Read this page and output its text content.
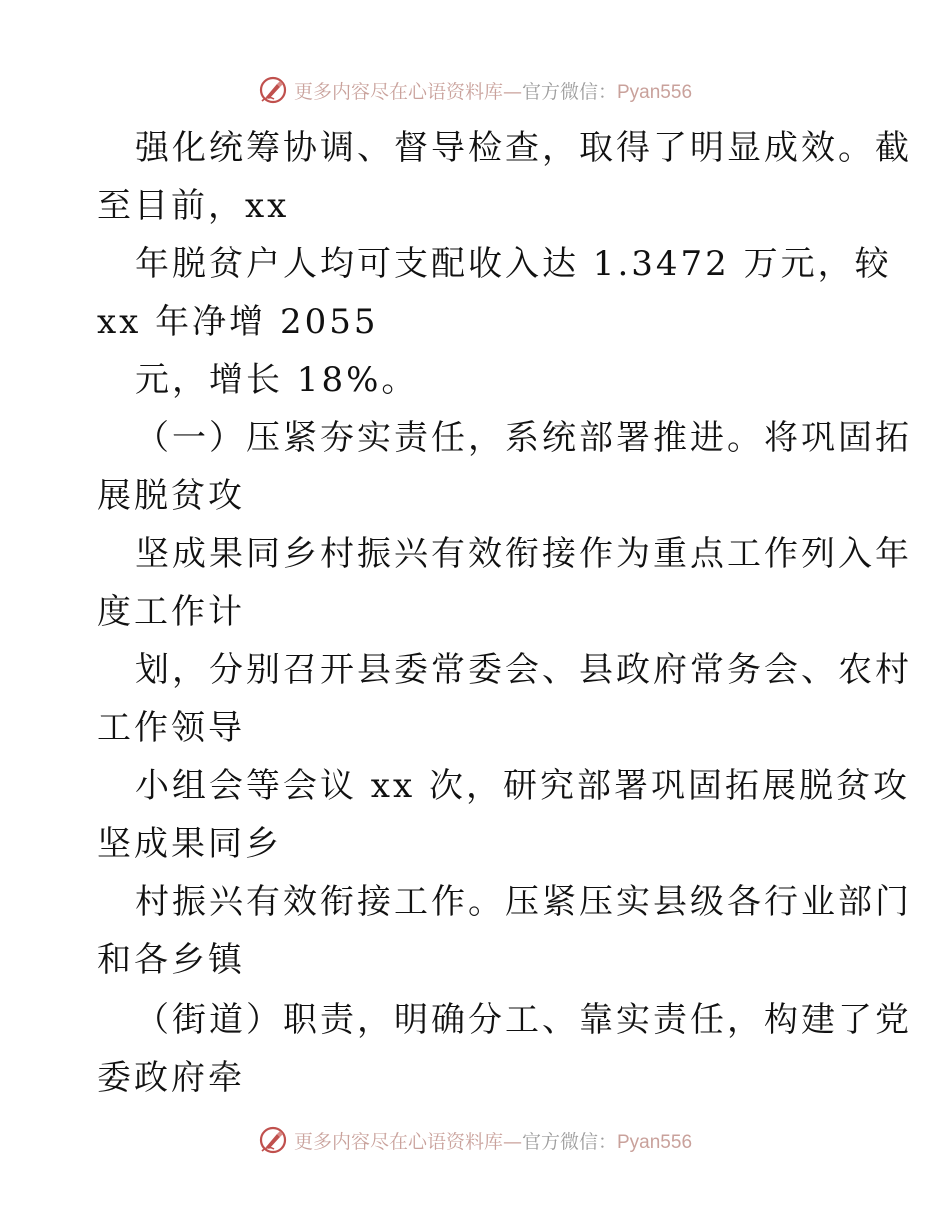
更多内容尽在心语资料库—官方微信：Pyan556
强化统筹协调、督导检查，取得了明显成效。截
至目前，xx
年脱贫户人均可支配收入达 1.3472 万元，较
xx 年净增 2055
元，增长 18%。
（一）压紧夯实责任，系统部署推进。将巩固拓
展脱贫攻
坚成果同乡村振兴有效衔接作为重点工作列入年
度工作计
划，分别召开县委常委会、县政府常务会、农村
工作领导
小组会等会议 xx 次，研究部署巩固拓展脱贫攻
坚成果同乡
村振兴有效衔接工作。压紧压实县级各行业部门
和各乡镇
（街道）职责，明确分工、靠实责任，构建了党
委政府牵
更多内容尽在心语资料库—官方微信：Pyan556
